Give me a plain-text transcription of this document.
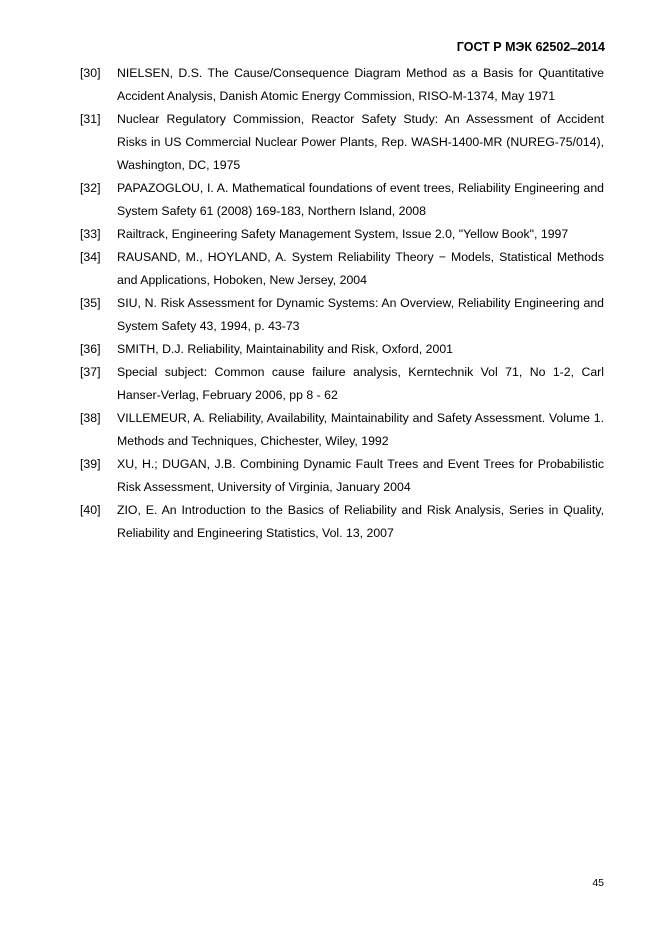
ГОСТ Р МЭК 62502 ̶ 2014
[30] NIELSEN, D.S. The Cause/Consequence Diagram Method as a Basis for Quantitative Accident Analysis, Danish Atomic Energy Commission, RISO-M-1374, May 1971
[31] Nuclear Regulatory Commission, Reactor Safety Study: An Assessment of Accident Risks in US Commercial Nuclear Power Plants, Rep. WASH-1400-MR (NUREG-75/014), Washington, DC, 1975
[32] PAPAZOGLOU, I. A. Mathematical foundations of event trees, Reliability Engineering and System Safety 61 (2008) 169-183, Northern Island, 2008
[33] Railtrack, Engineering Safety Management System, Issue 2.0, "Yellow Book", 1997
[34] RAUSAND, M., HOYLAND, A. System Reliability Theory − Models, Statistical Methods and Applications, Hoboken, New Jersey, 2004
[35] SIU, N. Risk Assessment for Dynamic Systems: An Overview, Reliability Engineering and System Safety 43, 1994, p. 43-73
[36] SMITH, D.J. Reliability, Maintainability and Risk, Oxford, 2001
[37] Special subject: Common cause failure analysis, Kerntechnik Vol 71, No 1-2, Carl Hanser-Verlag, February 2006, pp 8 - 62
[38] VILLEMEUR, A. Reliability, Availability, Maintainability and Safety Assessment. Volume 1. Methods and Techniques, Chichester, Wiley, 1992
[39] XU, H.; DUGAN, J.B. Combining Dynamic Fault Trees and Event Trees for Probabilistic Risk Assessment, University of Virginia, January 2004
[40] ZIO, E. An Introduction to the Basics of Reliability and Risk Analysis, Series in Quality, Reliability and Engineering Statistics, Vol. 13, 2007
45
